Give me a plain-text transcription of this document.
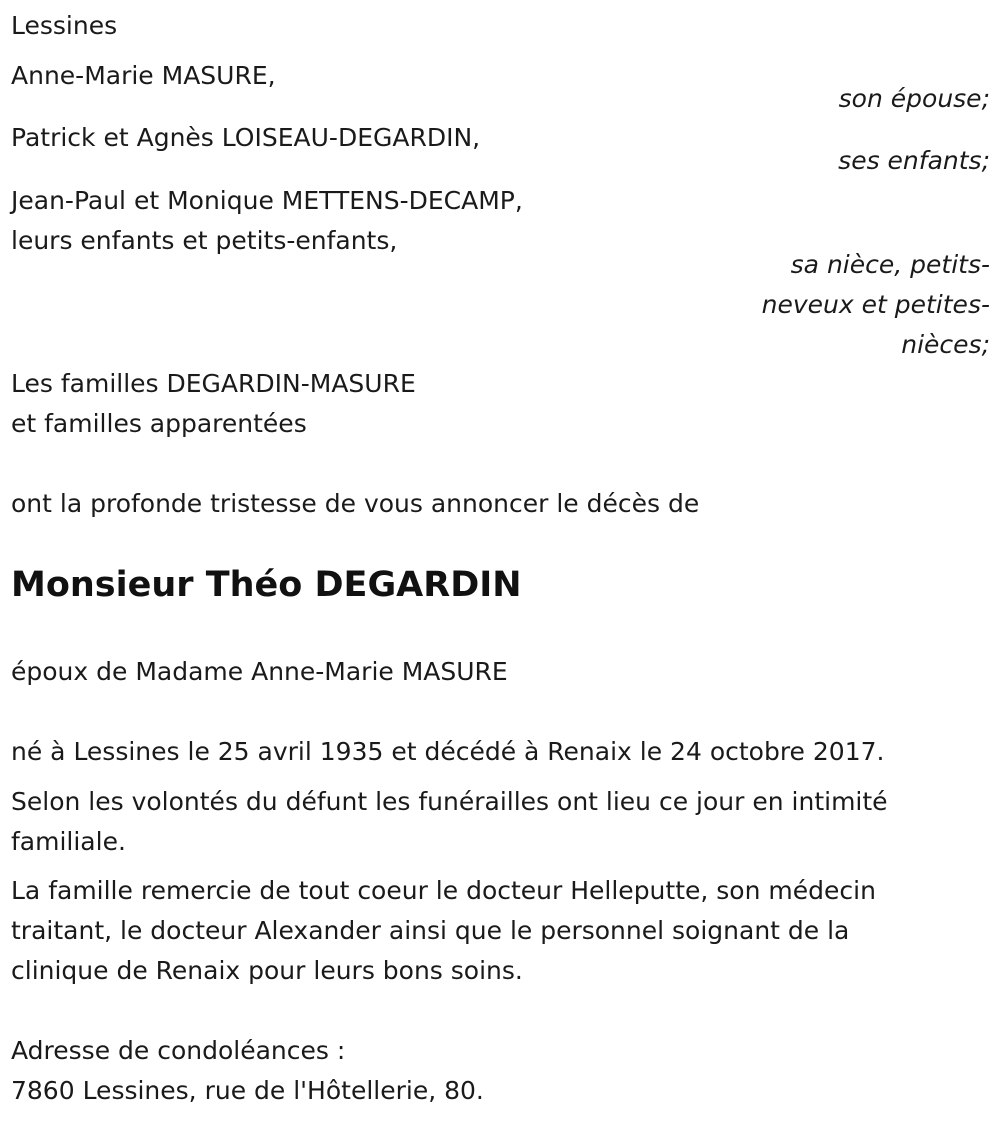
Lessines
Anne-Marie MASURE,
son épouse;
Patrick et Agnès LOISEAU-DEGARDIN,
ses enfants;
Jean-Paul et Monique METTENS-DECAMP,
leurs enfants et petits-enfants,
sa nièce, petits-
neveux et petites-
nièces;
Les familles DEGARDIN-MASURE
et familles apparentées
ont la profonde tristesse de vous annoncer le décès de
Monsieur Théo DEGARDIN
époux de Madame Anne-Marie MASURE
né à Lessines le 25 avril 1935 et décédé à Renaix le 24 octobre 2017.
Selon les volontés du défunt les funérailles ont lieu ce jour en intimité
familiale.
La famille remercie de tout coeur le docteur Helleputte, son médecin
traitant, le docteur Alexander ainsi que le personnel soignant de la
clinique de Renaix pour leurs bons soins.
Adresse de condoléances :
7860 Lessines, rue de l'Hôtellerie, 80.
